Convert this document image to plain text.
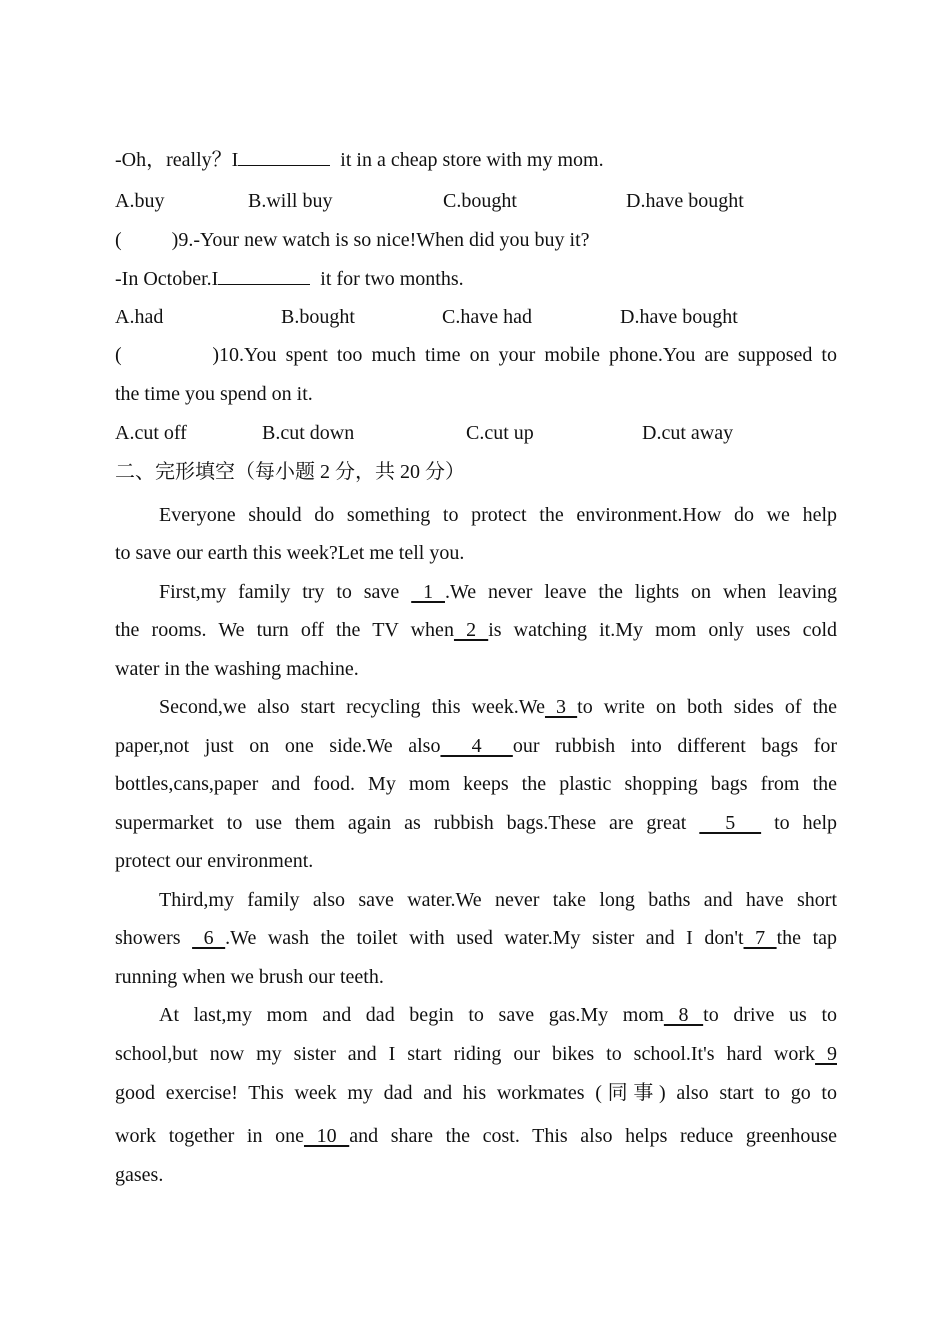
-Oh，really？I	it in a cheap store with my mom.
A.buy	B.will buy	C.bought	D.have bought
(          )9.-Your new watch is so nice!When did you buy it?
-In October.I	it for two months.
A.had	B.bought	C.have had	D.have bought
(          )10.You spent too much time on your mobile phone.You are supposed to
the time you spend on it.
A.cut off	B.cut down	C.cut up	D.cut away
二、完形填空（每小题 2 分，共 20 分）
Everyone should do something to protect the environment.How do we help
to save our earth this week?Let me tell you.
First,my family try to save  1 .We never leave the lights on when leaving
the rooms. We turn off the TV when 2 is watching it.My mom only uses cold
water in the washing machine.
Second,we also start recycling this week.We 3 to write on both sides of the
paper,not just on one side.We also  4  our rubbish into different bags for
bottles,cans,paper and food. My mom keeps the plastic shopping bags from the
supermarket to use them again as rubbish bags.These are great   5   to help
protect our environment.
Third,my family also save water.We never take long baths and have short
showers  6 .We wash the toilet with used water.My sister and I don't 7 the tap
running when we brush our teeth.
At last,my mom and dad begin to save gas.My mom 8 to drive us to
school,but now my sister and I start riding our bikes to school.It's hard work 9
good exercise! This week my dad and his workmates (同事) also start to go to
work together in one 10 and share the cost. This also helps reduce greenhouse
gases.
